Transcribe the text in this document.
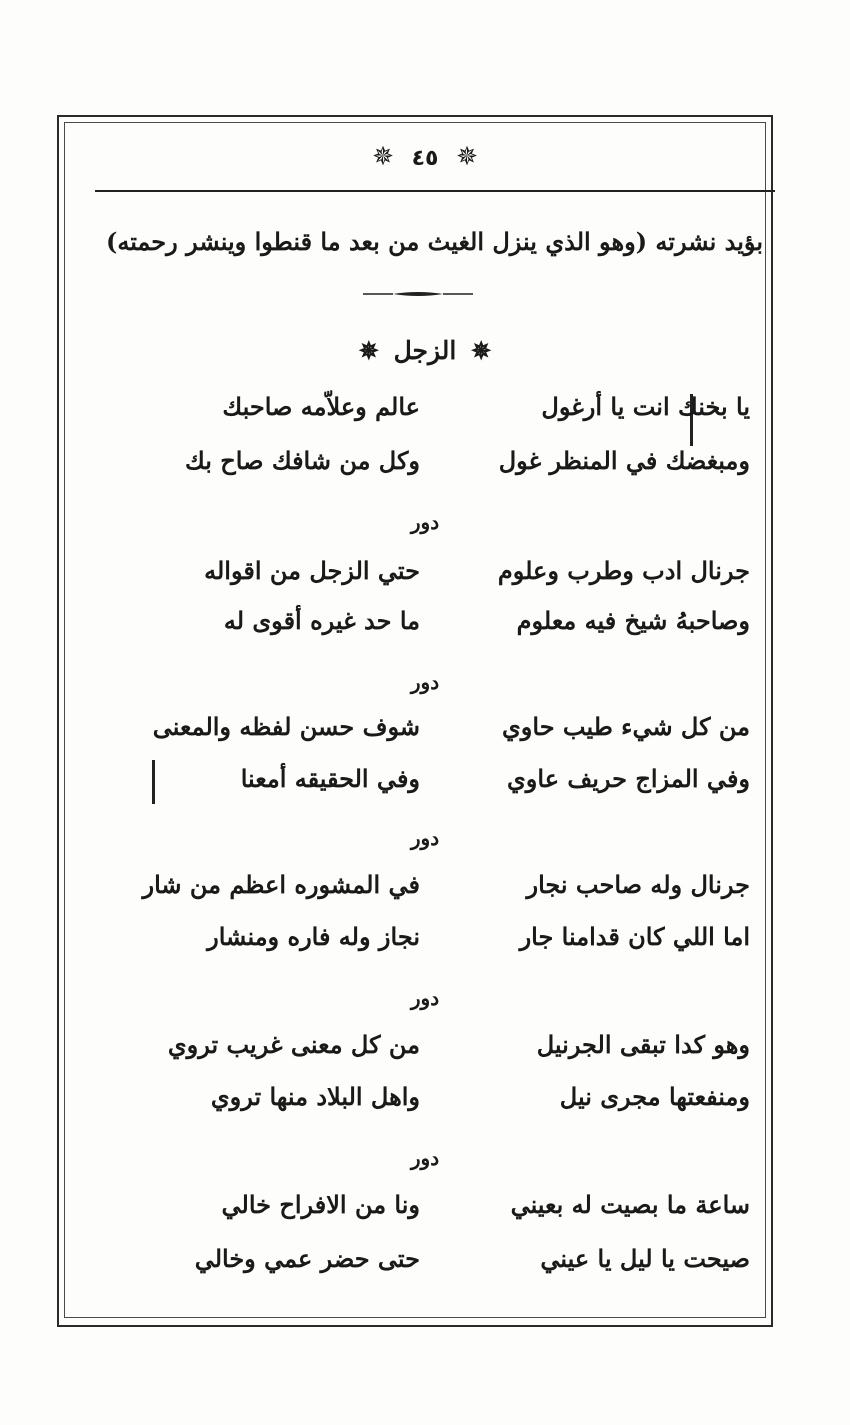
✵ ٤٥ ✵
بؤيد نشرته (وهو الذي ينزل الغيث من بعد ما قنطوا وينشر رحمته)
✵ الزجل ✵
يا بخنك انت يا أرغول
عالم وعلاّمه صاحبك
ومبغضك في المنظر غول
وكل من شافك صاح بك
دور
جرنال ادب وطرب وعلوم
حتي الزجل من اقواله
وصاحبهُ شيخ فيه معلوم
ما حد غيره أقوى له
دور
من كل شيء طيب حاوي
شوف حسن لفظه والمعنى
وفي المزاج حريف عاوي
وفي الحقيقه أمعنا
دور
جرنال وله صاحب نجار
في المشوره اعظم من شار
اما اللي كان قدامنا جار
نجاز وله فاره ومنشار
دور
وهو كدا تبقى الجرنيل
من كل معنى غريب تروي
ومنفعتها مجرى نيل
واهل البلاد منها تروي
دور
ساعة ما بصيت له بعيني
ونا من الافراح خالي
صيحت يا ليل يا عيني
حتى حضر عمي وخالي
